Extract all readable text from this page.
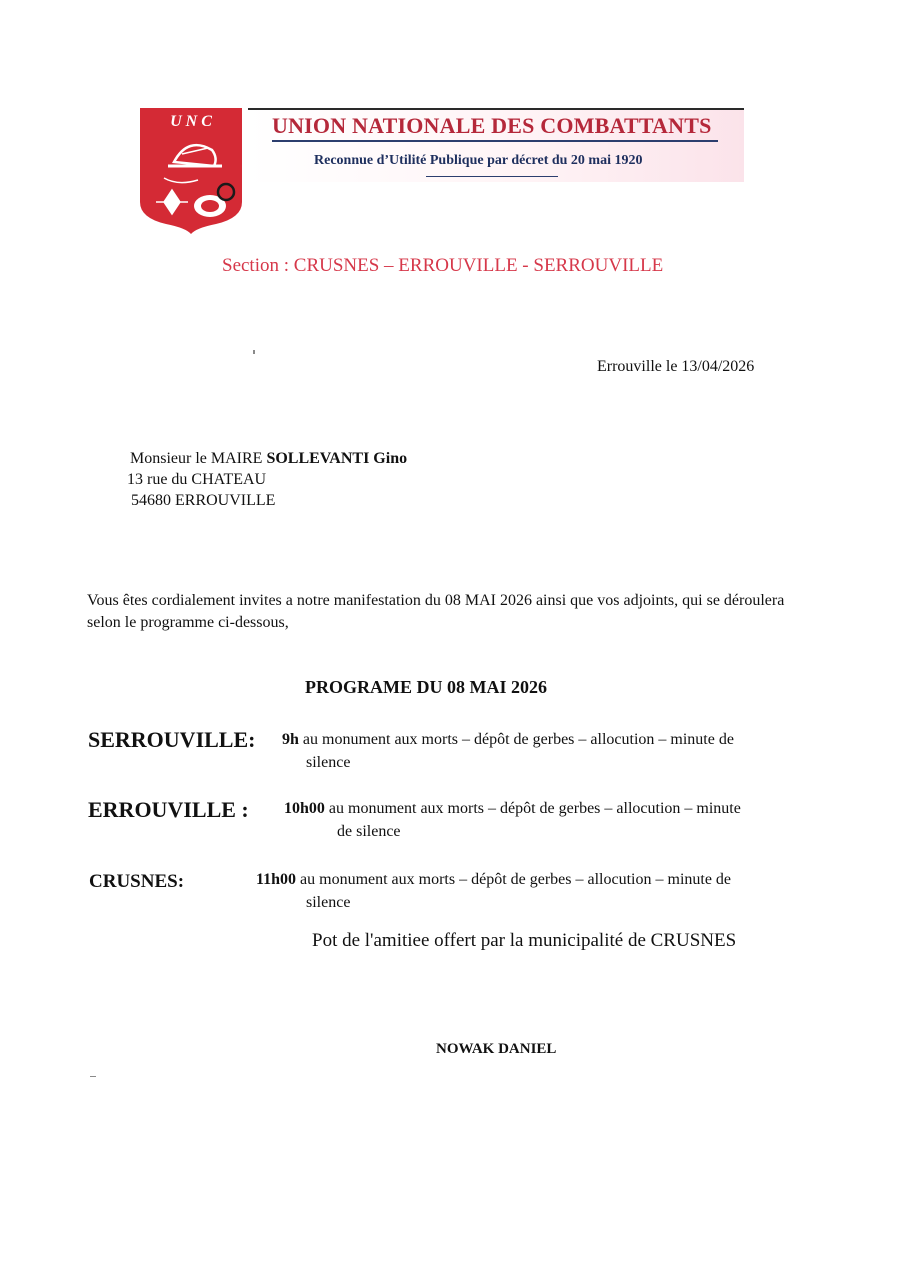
U N C	UNION NATIONALE DES COMBATTANTS
Reconnue d’Utilité Publique par décret du 20 mai 1920
Section : CRUSNES – ERROUVILLE - SERROUVILLE
Errouville le 13/04/2026
Monsieur le MAIRE SOLLEVANTI Gino
13 rue du CHATEAU
54680 ERROUVILLE
Vous êtes cordialement invites a notre manifestation du 08 MAI 2026 ainsi que vos adjoints, qui se déroulera selon le programme ci-dessous,
PROGRAME DU 08 MAI 2026
SERROUVILLE: 9h au monument aux morts – dépôt de gerbes – allocution – minute de
silence
ERROUVILLE : 10h00 au monument aux morts – dépôt de gerbes – allocution – minute
de silence
CRUSNES:	11h00 au monument aux morts – dépôt de gerbes – allocution – minute de
silence
Pot de l'amitiee offert par la municipalité de CRUSNES
NOWAK DANIEL
